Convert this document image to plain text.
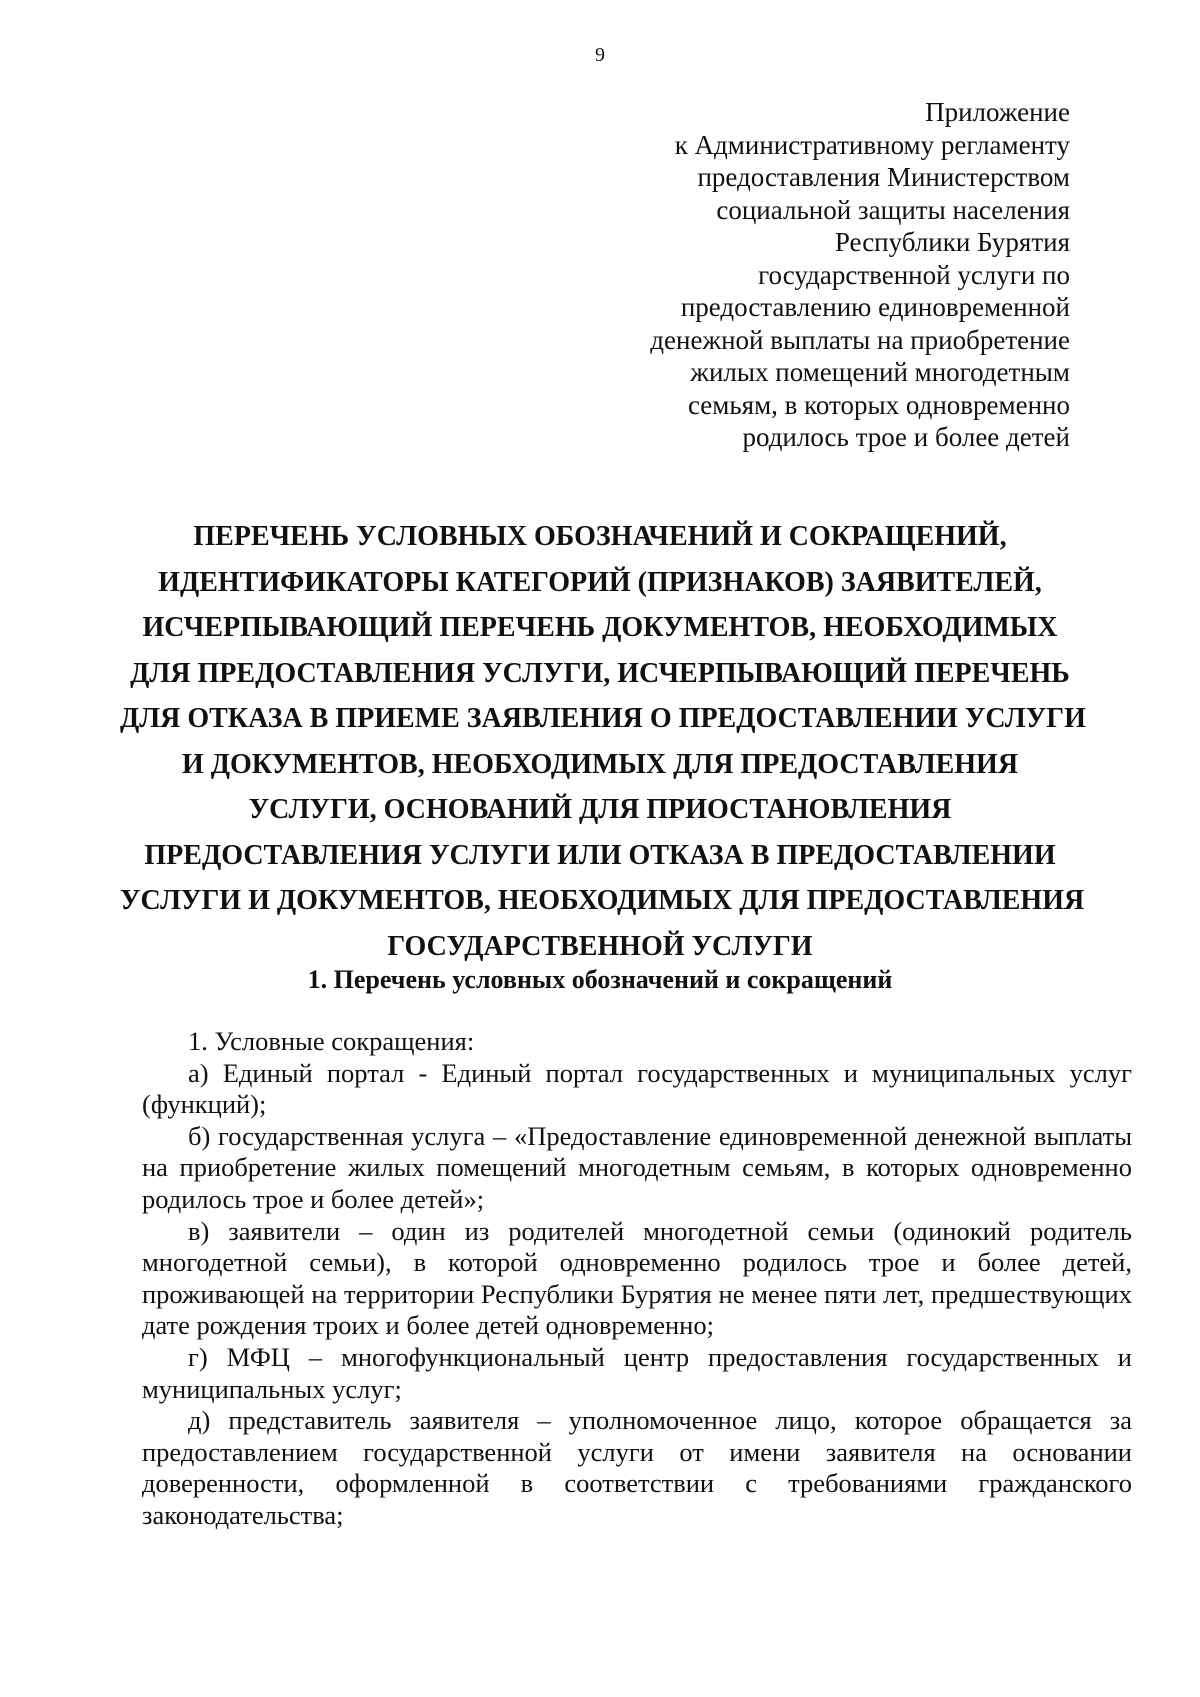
9
Приложение
к Административному регламенту
предоставления Министерством
социальной защиты населения
Республики Бурятия
государственной услуги по
предоставлению единовременной
денежной выплаты на приобретение
жилых помещений многодетным
семьям, в которых одновременно
родилось трое и более детей
ПЕРЕЧЕНЬ УСЛОВНЫХ ОБОЗНАЧЕНИЙ И СОКРАЩЕНИЙ,
ИДЕНТИФИКАТОРЫ КАТЕГОРИЙ (ПРИЗНАКОВ) ЗАЯВИТЕЛЕЙ,
ИСЧЕРПЫВАЮЩИЙ ПЕРЕЧЕНЬ ДОКУМЕНТОВ, НЕОБХОДИМЫХ
ДЛЯ ПРЕДОСТАВЛЕНИЯ УСЛУГИ, ИСЧЕРПЫВАЮЩИЙ ПЕРЕЧЕНЬ
ДЛЯ ОТКАЗА В ПРИЕМЕ ЗАЯВЛЕНИЯ О ПРЕДОСТАВЛЕНИИ УСЛУГИ
И ДОКУМЕНТОВ, НЕОБХОДИМЫХ ДЛЯ ПРЕДОСТАВЛЕНИЯ
УСЛУГИ, ОСНОВАНИЙ ДЛЯ ПРИОСТАНОВЛЕНИЯ
ПРЕДОСТАВЛЕНИЯ УСЛУГИ ИЛИ ОТКАЗА В ПРЕДОСТАВЛЕНИИ
УСЛУГИ И ДОКУМЕНТОВ, НЕОБХОДИМЫХ ДЛЯ ПРЕДОСТАВЛЕНИЯ
ГОСУДАРСТВЕННОЙ УСЛУГИ
1. Перечень условных обозначений и сокращений

1. Условные сокращения:

а) Единый портал - Единый портал государственных и муниципальных услуг (функций);

б) государственная услуга – «Предоставление единовременной денежной выплаты на приобретение жилых помещений многодетным семьям, в которых одновременно родилось трое и более детей»;

в) заявители – один из родителей многодетной семьи (одинокий родитель многодетной семьи), в которой одновременно родилось трое и более детей, проживающей на территории Республики Бурятия не менее пяти лет, предшествующих дате рождения троих и более детей одновременно;

г) МФЦ – многофункциональный центр предоставления государственных и муниципальных услуг;

д) представитель заявителя – уполномоченное лицо, которое обращается за предоставлением государственной услуги от имени заявителя на основании доверенности, оформленной в соответствии с требованиями гражданского законодательства;
